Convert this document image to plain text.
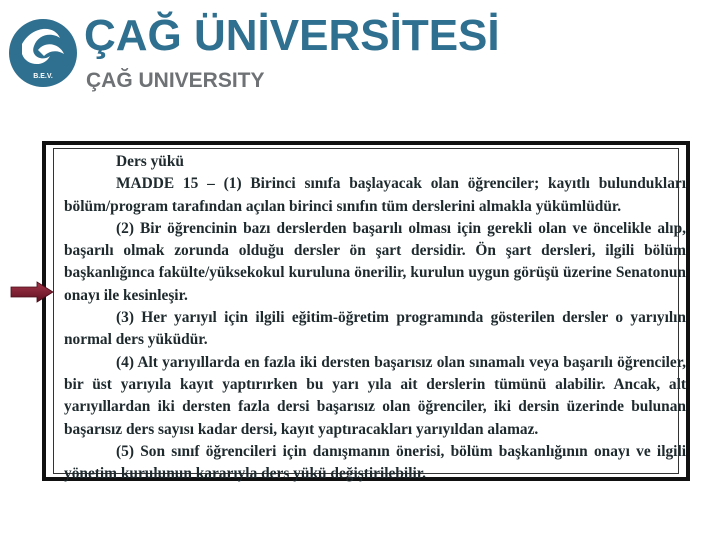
B.E.V.
ÇAĞ ÜNİVERSİTESİ
ÇAĞ UNIVERSITY

Ders yükü

MADDE 15 – (1) Birinci sınıfa başlayacak olan öğrenciler; kayıtlı bulundukları bölüm/program tarafından açılan birinci sınıfın tüm derslerini almakla yükümlüdür.

(2) Bir öğrencinin bazı derslerden başarılı olması için gerekli olan ve öncelikle alıp, başarılı olmak zorunda olduğu dersler ön şart dersidir. Ön şart dersleri, ilgili bölüm başkanlığınca fakülte/yüksekokul kuruluna önerilir, kurulun uygun görüşü üzerine Senatonun onayı ile kesinleşir.

(3) Her yarıyıl için ilgili eğitim-öğretim programında gösterilen dersler o yarıyılın normal ders yüküdür.

(4) Alt yarıyıllarda en fazla iki dersten başarısız olan sınamalı veya başarılı öğrenciler, bir üst yarıyıla kayıt yaptırırken bu yarı yıla ait derslerin tümünü alabilir. Ancak, alt yarıyıllardan iki dersten fazla dersi başarısız olan öğrenciler, iki dersin üzerinde bulunan başarısız ders sayısı kadar dersi, kayıt yaptıracakları yarıyıldan alamaz.

(5) Son sınıf öğrencileri için danışmanın önerisi, bölüm başkanlığının onayı ve ilgili yönetim kurulunun kararıyla ders yükü değiştirilebilir.
